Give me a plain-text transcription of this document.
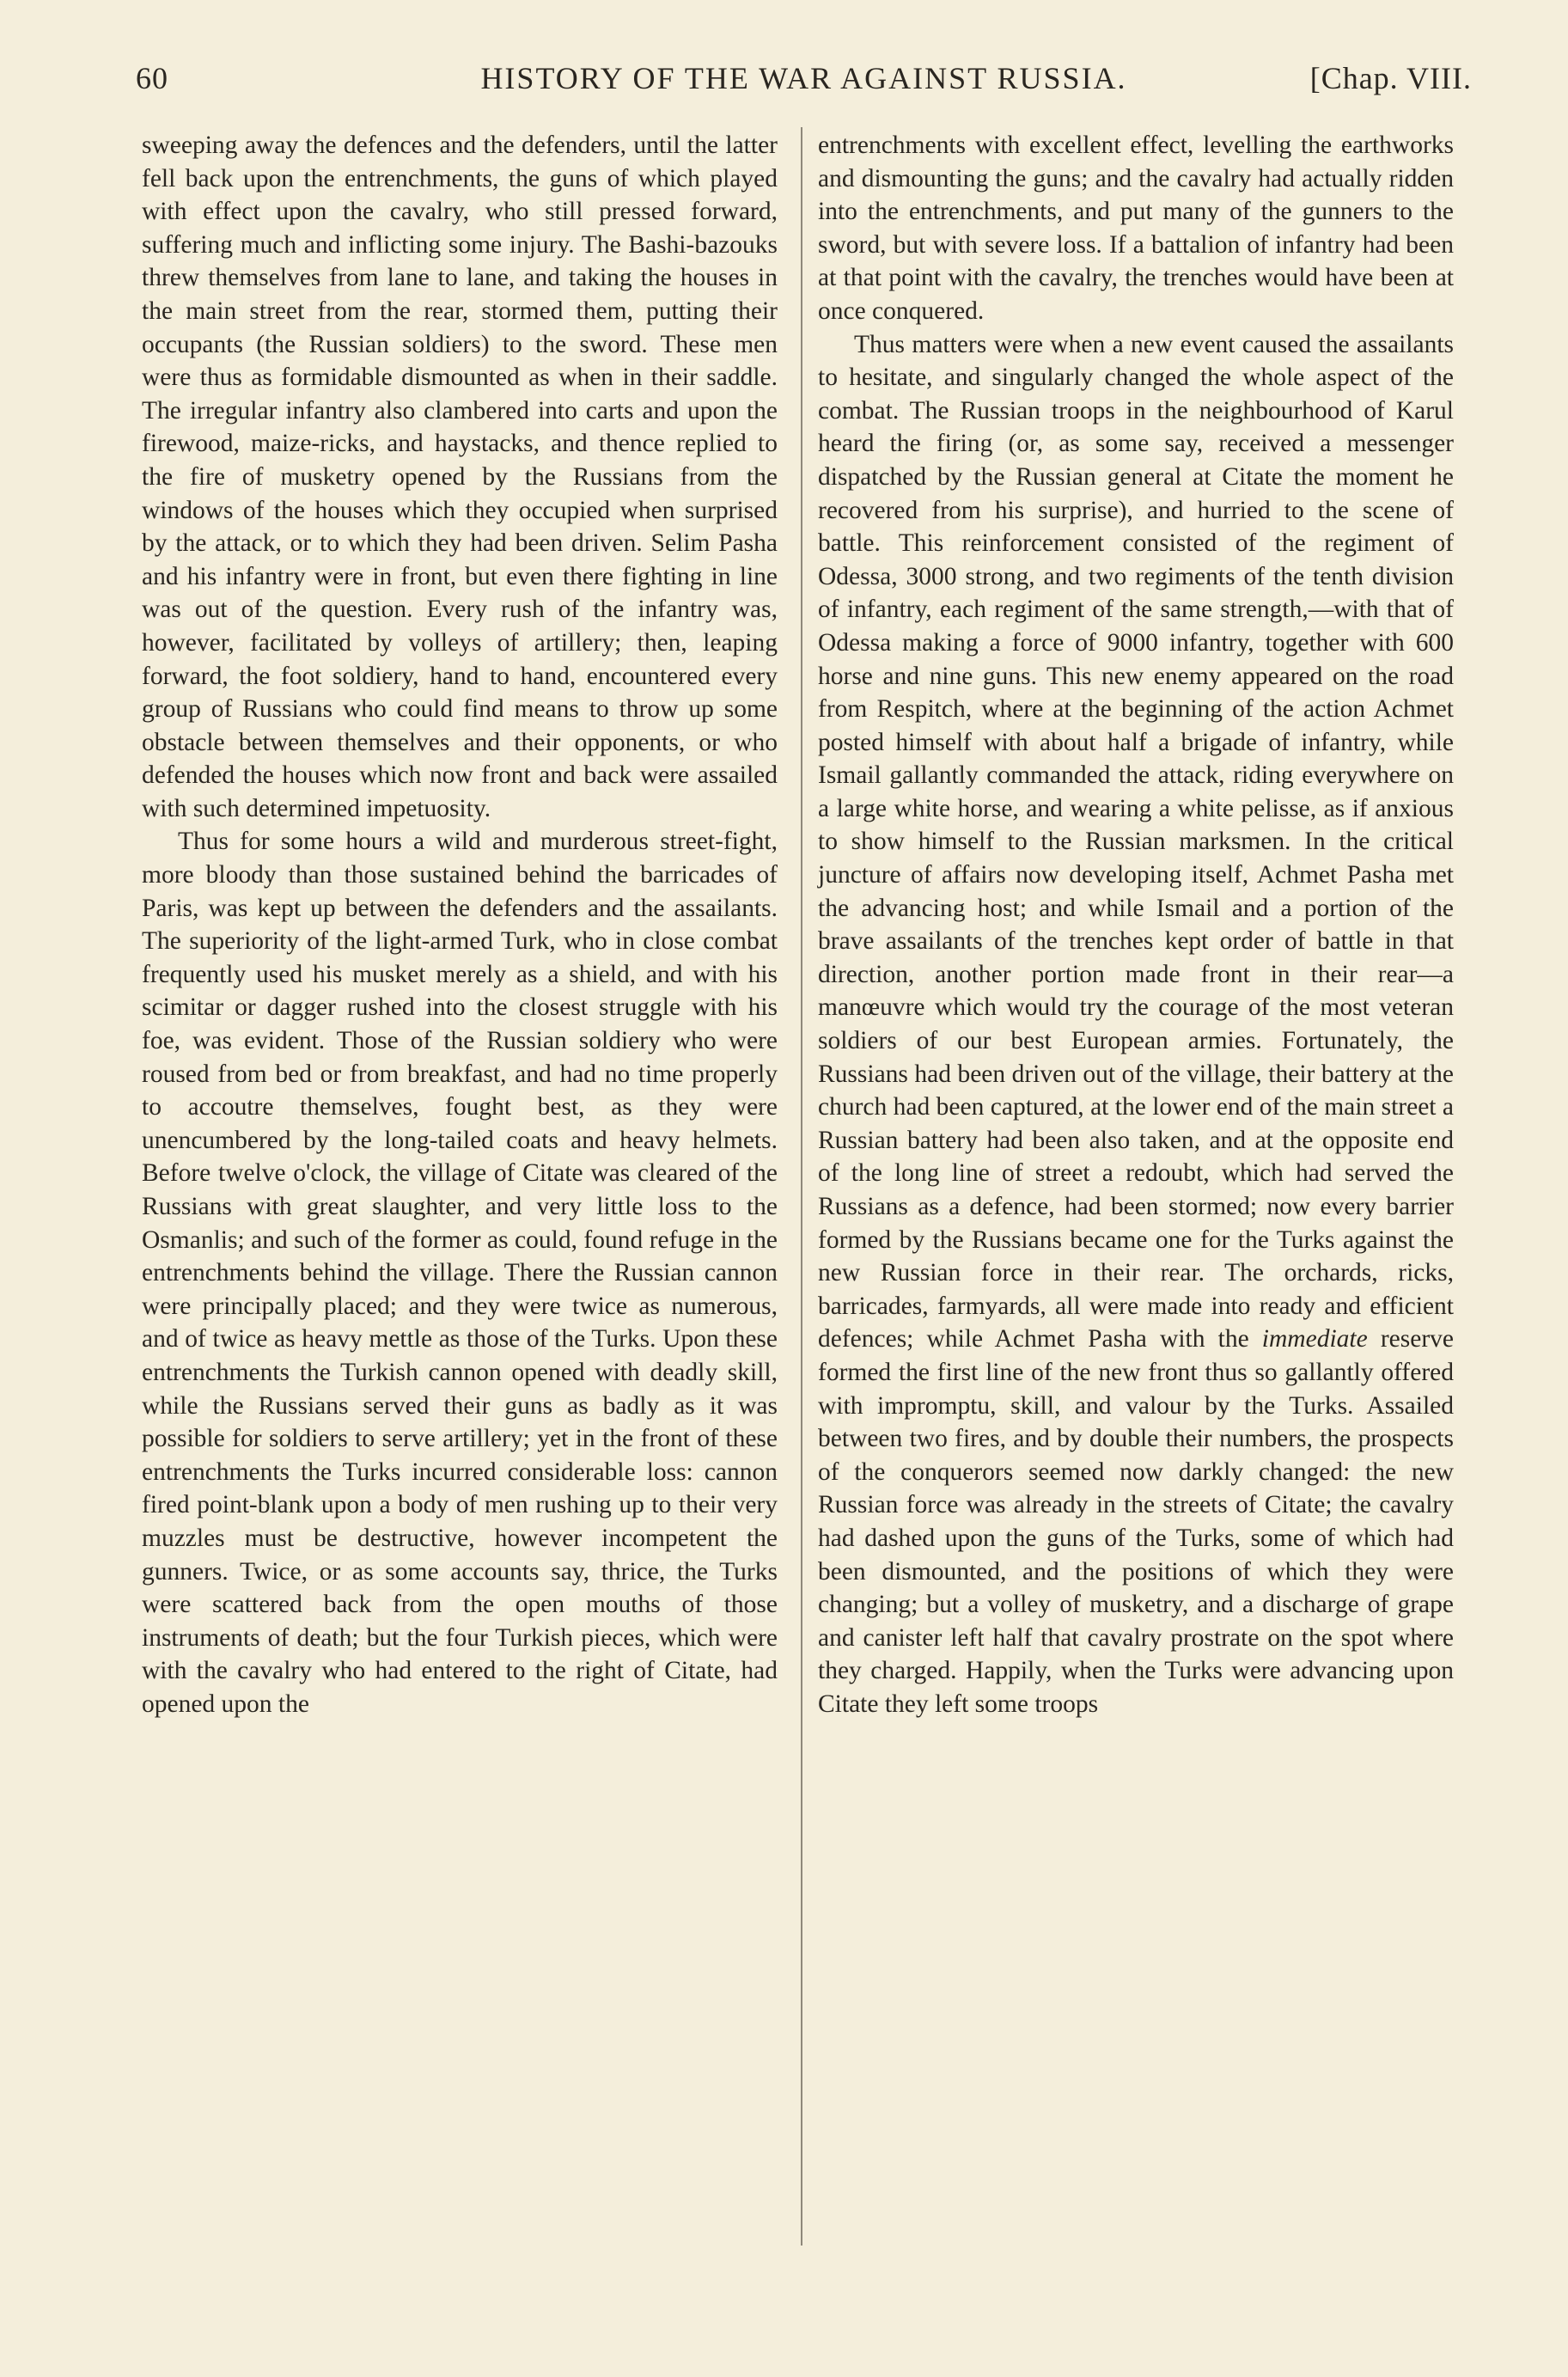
60	HISTORY OF THE WAR AGAINST RUSSIA.	[Chap. VIII.

sweeping away the defences and the defenders, until the latter fell back upon the entrenchments, the guns of which played with effect upon the cavalry, who still pressed forward, suffering much and inflicting some injury. The Bashi-bazouks threw themselves from lane to lane, and taking the houses in the main street from the rear, stormed them, putting their occupants (the Russian soldiers) to the sword. These men were thus as formidable dismounted as when in their saddle. The irregular infantry also clambered into carts and upon the firewood, maize-ricks, and haystacks, and thence replied to the fire of musketry opened by the Russians from the windows of the houses which they occupied when surprised by the attack, or to which they had been driven. Selim Pasha and his infantry were in front, but even there fighting in line was out of the question. Every rush of the infantry was, however, facilitated by volleys of artillery; then, leaping forward, the foot soldiery, hand to hand, encountered every group of Russians who could find means to throw up some obstacle between themselves and their opponents, or who defended the houses which now front and back were assailed with such determined impetuosity.

Thus for some hours a wild and murderous street-fight, more bloody than those sustained behind the barricades of Paris, was kept up between the defenders and the assailants. The superiority of the light-armed Turk, who in close combat frequently used his musket merely as a shield, and with his scimitar or dagger rushed into the closest struggle with his foe, was evident. Those of the Russian soldiery who were roused from bed or from breakfast, and had no time properly to accoutre themselves, fought best, as they were unencumbered by the long-tailed coats and heavy helmets. Before twelve o'clock, the village of Citate was cleared of the Russians with great slaughter, and very little loss to the Osmanlis; and such of the former as could, found refuge in the entrenchments behind the village. There the Russian cannon were principally placed; and they were twice as numerous, and of twice as heavy mettle as those of the Turks. Upon these entrenchments the Turkish cannon opened with deadly skill, while the Russians served their guns as badly as it was possible for soldiers to serve artillery; yet in the front of these entrenchments the Turks incurred considerable loss: cannon fired point-blank upon a body of men rushing up to their very muzzles must be destructive, however incompetent the gunners. Twice, or as some accounts say, thrice, the Turks were scattered back from the open mouths of those instruments of death; but the four Turkish pieces, which were with the cavalry who had entered to the right of Citate, had opened upon the

entrenchments with excellent effect, levelling the earthworks and dismounting the guns; and the cavalry had actually ridden into the entrenchments, and put many of the gunners to the sword, but with severe loss. If a battalion of infantry had been at that point with the cavalry, the trenches would have been at once conquered.

Thus matters were when a new event caused the assailants to hesitate, and singularly changed the whole aspect of the combat. The Russian troops in the neighbourhood of Karul heard the firing (or, as some say, received a messenger dispatched by the Russian general at Citate the moment he recovered from his surprise), and hurried to the scene of battle. This reinforcement consisted of the regiment of Odessa, 3000 strong, and two regiments of the tenth division of infantry, each regiment of the same strength,—with that of Odessa making a force of 9000 infantry, together with 600 horse and nine guns. This new enemy appeared on the road from Respitch, where at the beginning of the action Achmet posted himself with about half a brigade of infantry, while Ismail gallantly commanded the attack, riding everywhere on a large white horse, and wearing a white pelisse, as if anxious to show himself to the Russian marksmen. In the critical juncture of affairs now developing itself, Achmet Pasha met the advancing host; and while Ismail and a portion of the brave assailants of the trenches kept order of battle in that direction, another portion made front in their rear—a manœuvre which would try the courage of the most veteran soldiers of our best European armies. Fortunately, the Russians had been driven out of the village, their battery at the church had been captured, at the lower end of the main street a Russian battery had been also taken, and at the opposite end of the long line of street a redoubt, which had served the Russians as a defence, had been stormed; now every barrier formed by the Russians became one for the Turks against the new Russian force in their rear. The orchards, ricks, barricades, farmyards, all were made into ready and efficient defences; while Achmet Pasha with the immediate reserve formed the first line of the new front thus so gallantly offered with impromptu, skill, and valour by the Turks. Assailed between two fires, and by double their numbers, the prospects of the conquerors seemed now darkly changed: the new Russian force was already in the streets of Citate; the cavalry had dashed upon the guns of the Turks, some of which had been dismounted, and the positions of which they were changing; but a volley of musketry, and a discharge of grape and canister left half that cavalry prostrate on the spot where they charged. Happily, when the Turks were advancing upon Citate they left some troops
